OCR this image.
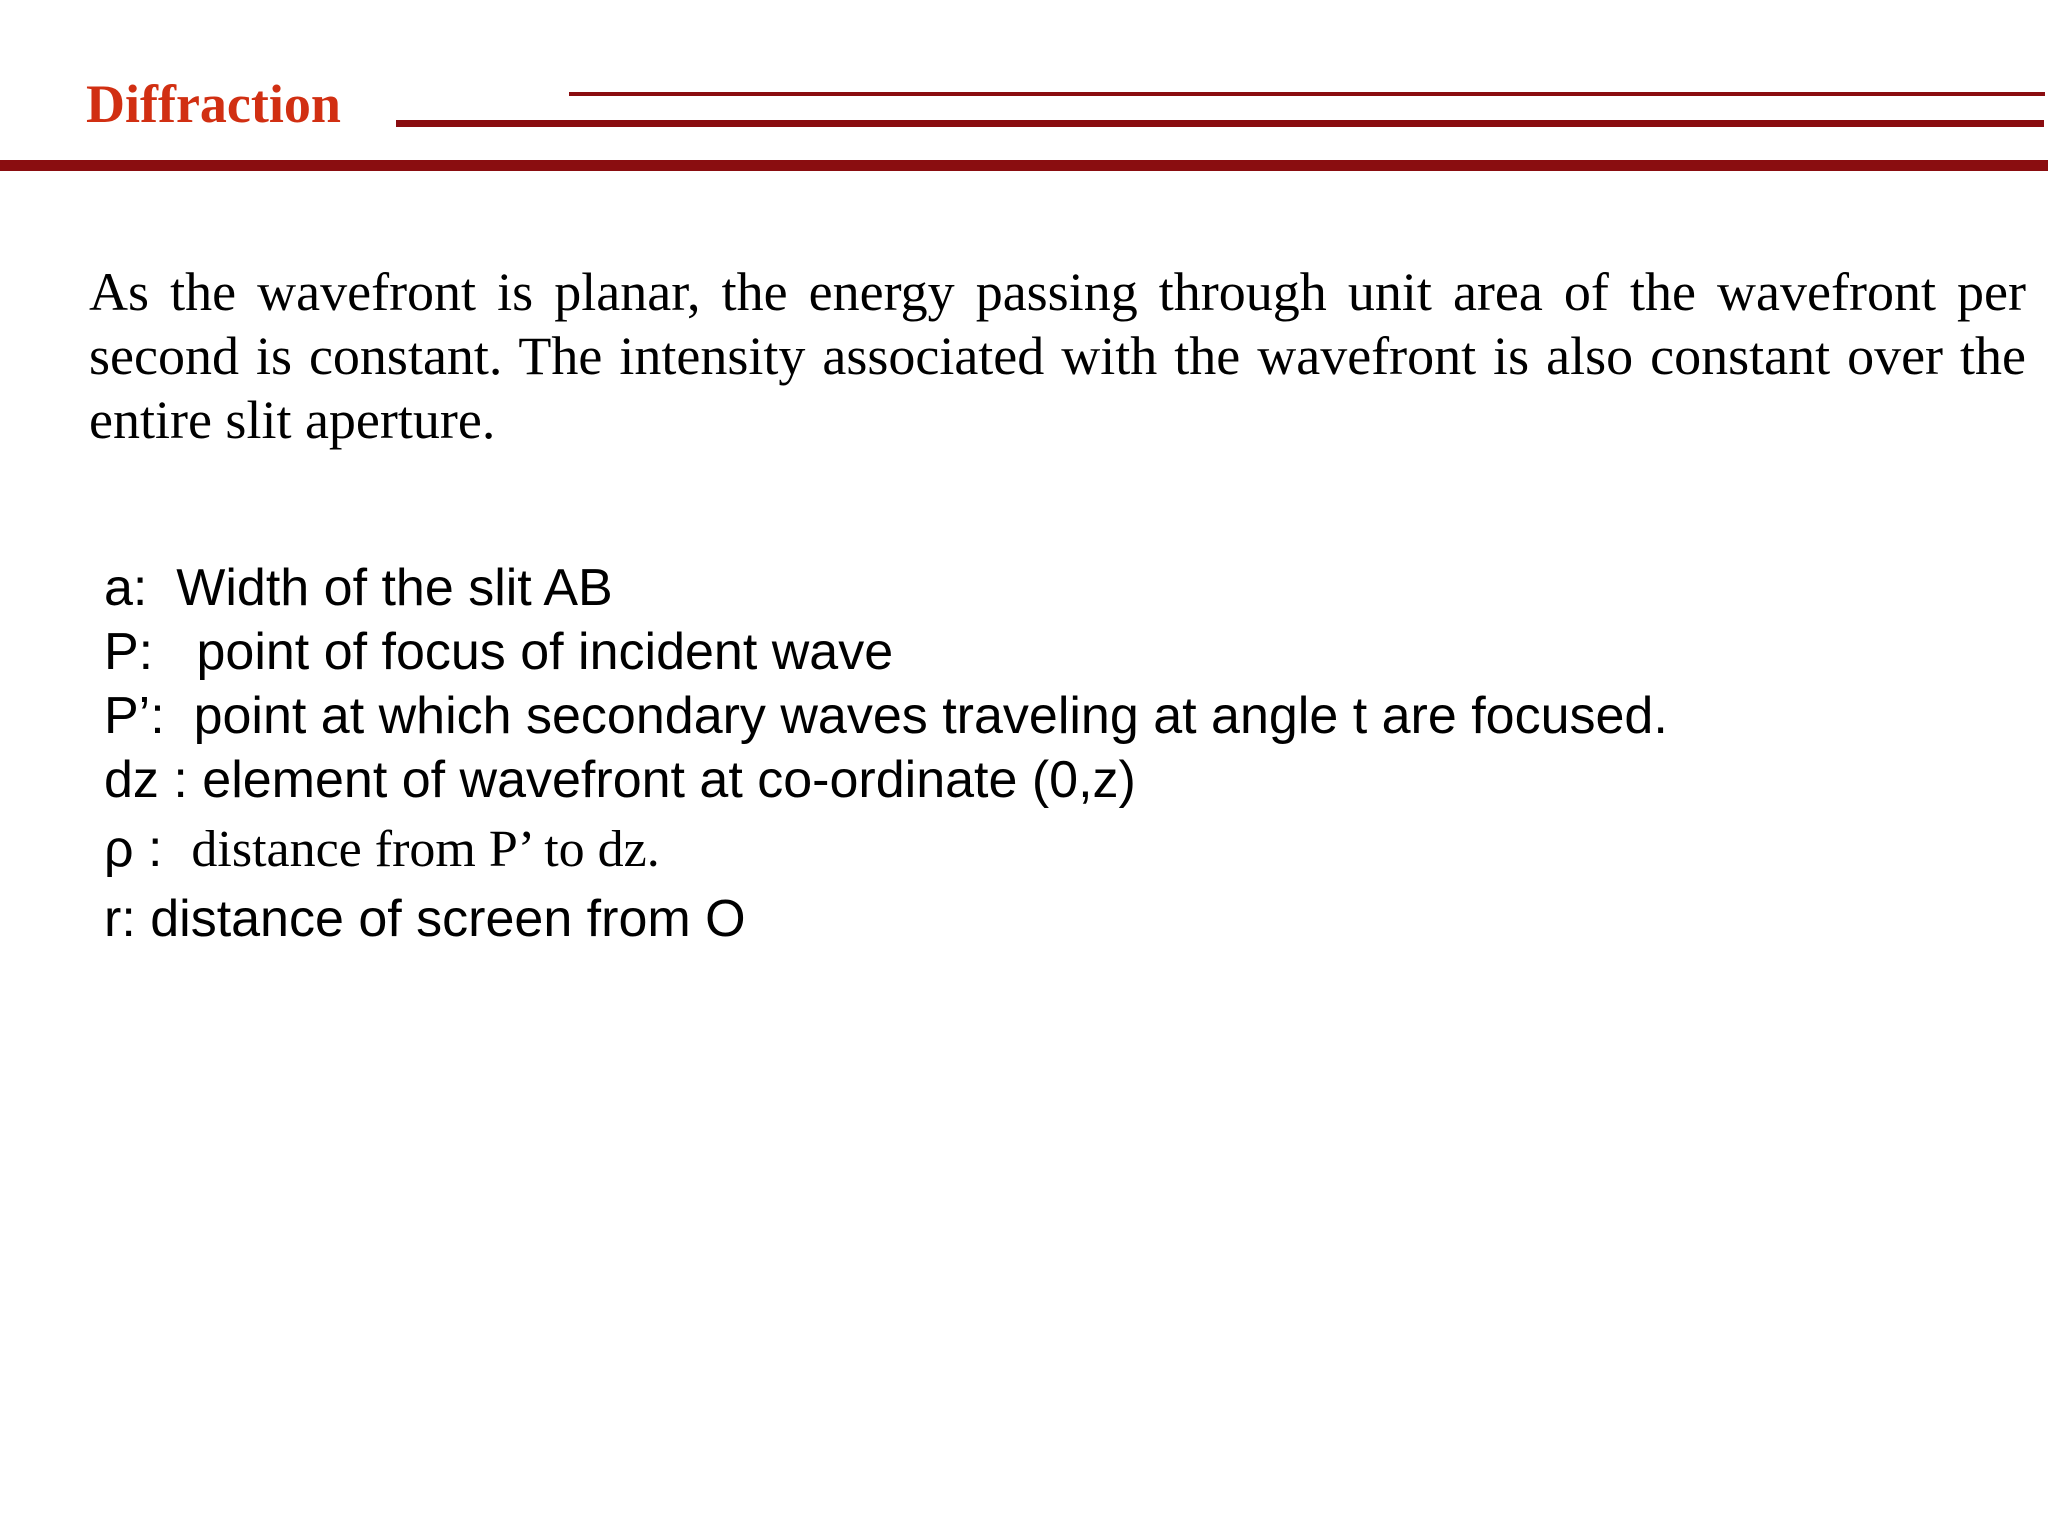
Diffraction

As the wavefront is planar, the energy passing through unit area of the wavefront per second is constant. The intensity associated with the wavefront is also constant over the entire slit aperture.

a: Width of the slit AB
P: point of focus of incident wave
P’: point at which secondary waves traveling at angle t are focused.
dz : element of wavefront at co-ordinate (0,z)
ρ : distance from P’ to dz.
r: distance of screen from O
